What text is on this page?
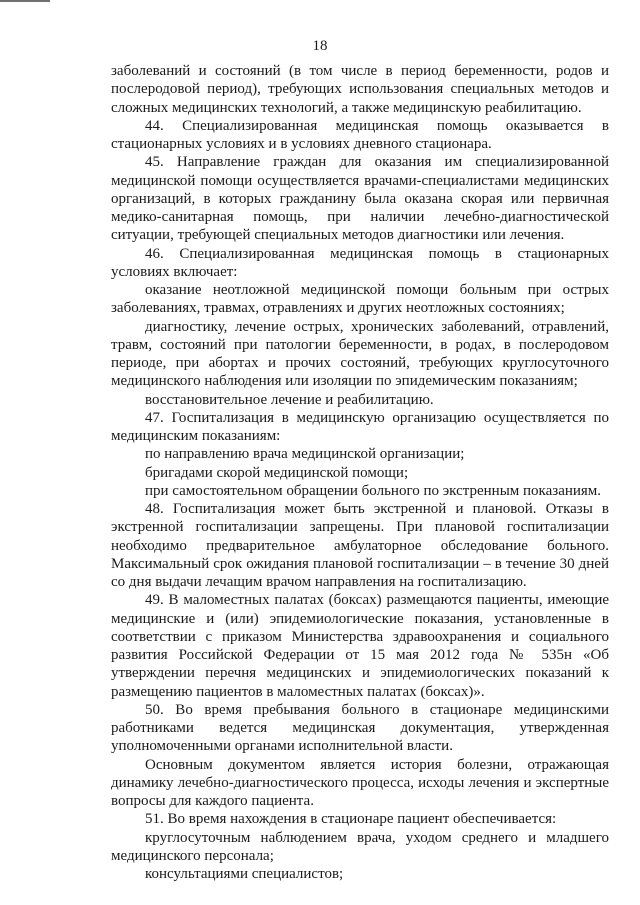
18

заболеваний и состояний (в том числе в период беременности, родов и послеродовой период), требующих использования специальных методов и сложных медицинских технологий, а также медицинскую реабилитацию.

44. Специализированная медицинская помощь оказывается в стационарных условиях и в условиях дневного стационара.

45. Направление граждан для оказания им специализированной медицинской помощи осуществляется врачами-специалистами медицинских организаций, в которых гражданину была оказана скорая или первичная медико-санитарная помощь, при наличии лечебно-диагностической ситуации, требующей специальных методов диагностики или лечения.

46. Специализированная медицинская помощь в стационарных условиях включает:

оказание неотложной медицинской помощи больным при острых заболеваниях, травмах, отравлениях и других неотложных состояниях;

диагностику, лечение острых, хронических заболеваний, отравлений, травм, состояний при патологии беременности, в родах, в послеродовом периоде, при абортах и прочих состояний, требующих круглосуточного медицинского наблюдения или изоляции по эпидемическим показаниям;

восстановительное лечение и реабилитацию.

47. Госпитализация в медицинскую организацию осуществляется по медицинским показаниям:

по направлению врача медицинской организации;

бригадами скорой медицинской помощи;

при самостоятельном обращении больного по экстренным показаниям.

48. Госпитализация может быть экстренной и плановой. Отказы в экстренной госпитализации запрещены. При плановой госпитализации необходимо предварительное амбулаторное обследование больного. Максимальный срок ожидания плановой госпитализации – в течение 30 дней со дня выдачи лечащим врачом направления на госпитализацию.

49. В маломестных палатах (боксах) размещаются пациенты, имеющие медицинские и (или) эпидемиологические показания, установленные в соответствии с приказом Министерства здравоохранения и социального развития Российской Федерации от 15 мая 2012 года № 535н «Об утверждении перечня медицинских и эпидемиологических показаний к размещению пациентов в маломестных палатах (боксах)».

50. Во время пребывания больного в стационаре медицинскими работниками ведется медицинская документация, утвержденная уполномоченными органами исполнительной власти.

Основным документом является история болезни, отражающая динамику лечебно-диагностического процесса, исходы лечения и экспертные вопросы для каждого пациента.

51. Во время нахождения в стационаре пациент обеспечивается:

круглосуточным наблюдением врача, уходом среднего и младшего медицинского персонала;

консультациями специалистов;
